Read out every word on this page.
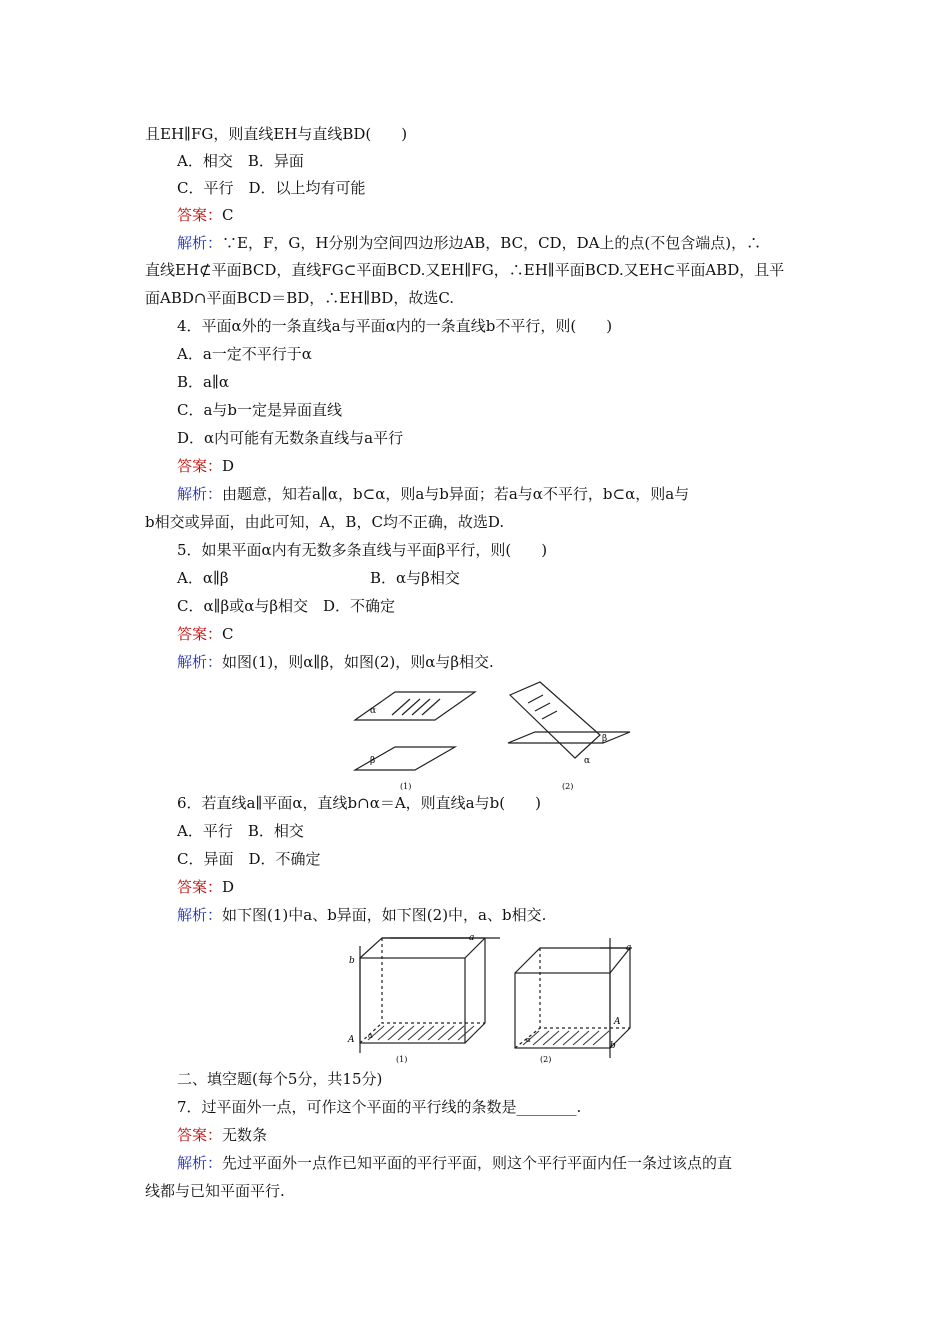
且EH∥FG，则直线EH与直线BD(　　)
A．相交　B．异面
C．平行　D．以上均有可能
答案：C
解析：∵E，F，G，H分别为空间四边形边AB，BC，CD，DA上的点(不包含端点)，∴
直线EH⊄平面BCD，直线FG⊂平面BCD.又EH∥FG，∴EH∥平面BCD.又EH⊂平面ABD，且平
面ABD∩平面BCD＝BD，∴EH∥BD，故选C.
4．平面α外的一条直线a与平面α内的一条直线b不平行，则(　　)
A．a一定不平行于α
B．a∥α
C．a与b一定是异面直线
D．α内可能有无数条直线与a平行
答案：D
解析：由题意，知若a∥α，b⊂α，则a与b异面；若a与α不平行，b⊂α，则a与
b相交或异面，由此可知，A，B，C均不正确，故选D.
5．如果平面α内有无数多条直线与平面β平行，则(　　)
A．α∥β	B．α与β相交
C．α∥β或α与β相交　D．不确定
答案：C
解析：如图(1)，则α∥β，如图(2)，则α与β相交.
α
β
β
α
(1)	(2)
6．若直线a∥平面α，直线b∩α＝A，则直线a与b(　　)
A．平行　B．相交
C．异面　D．不确定
答案：D
解析：如下图(1)中a、b异面，如下图(2)中，a、b相交.
a
b
A α
a
A
b
α
(1)	(2)
二、填空题(每个5分，共15分)
7．过平面外一点，可作这个平面的平行线的条数是________.
答案：无数条
解析：先过平面外一点作已知平面的平行平面，则这个平行平面内任一条过该点的直
线都与已知平面平行.
